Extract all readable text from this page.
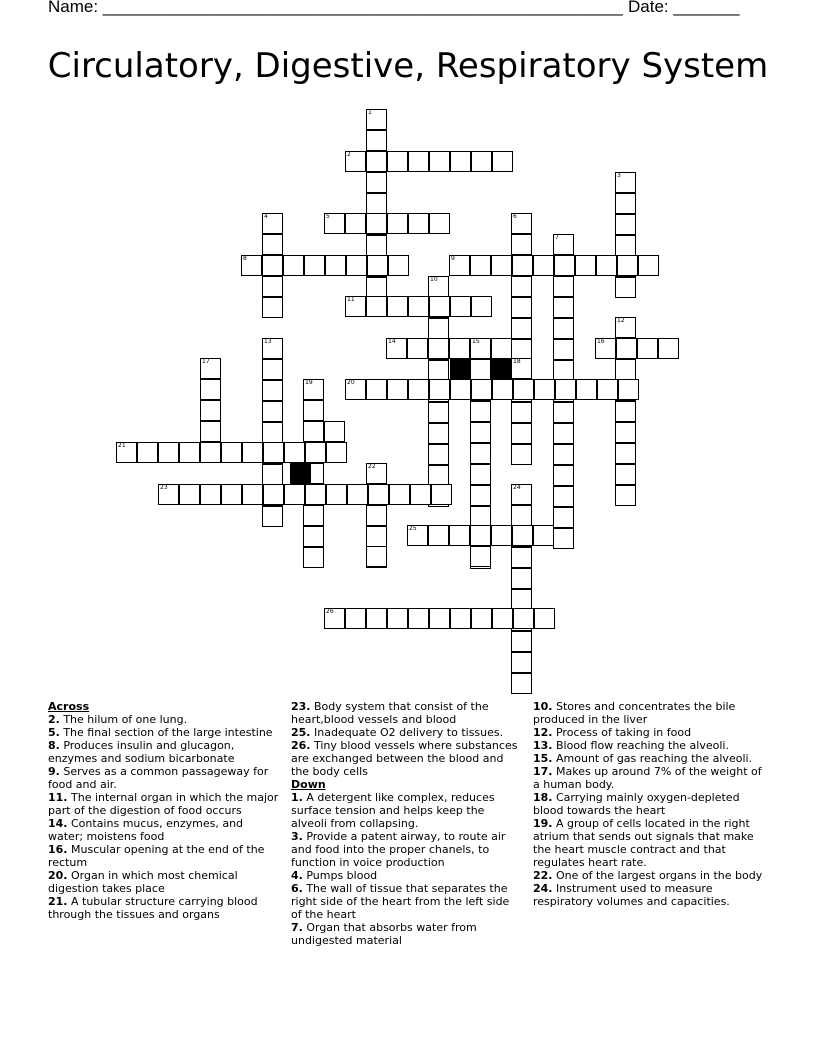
Name: _______________________________________________________ Date: _______
Circulatory, Digestive, Respiratory System
1
2
3
4	5	6
7
8	9
10
11
12
13	14	15	16
17	18
19	20
21
22
23	24
25
26
Across
2. The hilum of one lung.
5. The final section of the large intestine
8. Produces insulin and glucagon, enzymes and sodium bicarbonate
9. Serves as a common passageway for food and air.
11. The internal organ in which the major part of the digestion of food occurs
14. Contains mucus, enzymes, and water; moistens food
16. Muscular opening at the end of the rectum
20. Organ in which most chemical digestion takes place
21. A tubular structure carrying blood through the tissues and organs
23. Body system that consist of the heart,blood vessels and blood
25. Inadequate O2 delivery to tissues.
26. Tiny blood vessels where substances are exchanged between the blood and the body cells
Down
1. A detergent like complex, reduces surface tension and helps keep the alveoli from collapsing.
3. Provide a patent airway, to route air and food into the proper chanels, to function in voice production
4. Pumps blood
6. The wall of tissue that separates the right side of the heart from the left side of the heart
7. Organ that absorbs water from undigested material
10. Stores and concentrates the bile produced in the liver
12. Process of taking in food
13. Blood flow reaching the alveoli.
15. Amount of gas reaching the alveoli.
17. Makes up around 7% of the weight of a human body.
18. Carrying mainly oxygen-depleted blood towards the heart
19. A group of cells located in the right atrium that sends out signals that make the heart muscle contract and that regulates heart rate.
22. One of the largest organs in the body
24. Instrument used to measure respiratory volumes and capacities.
